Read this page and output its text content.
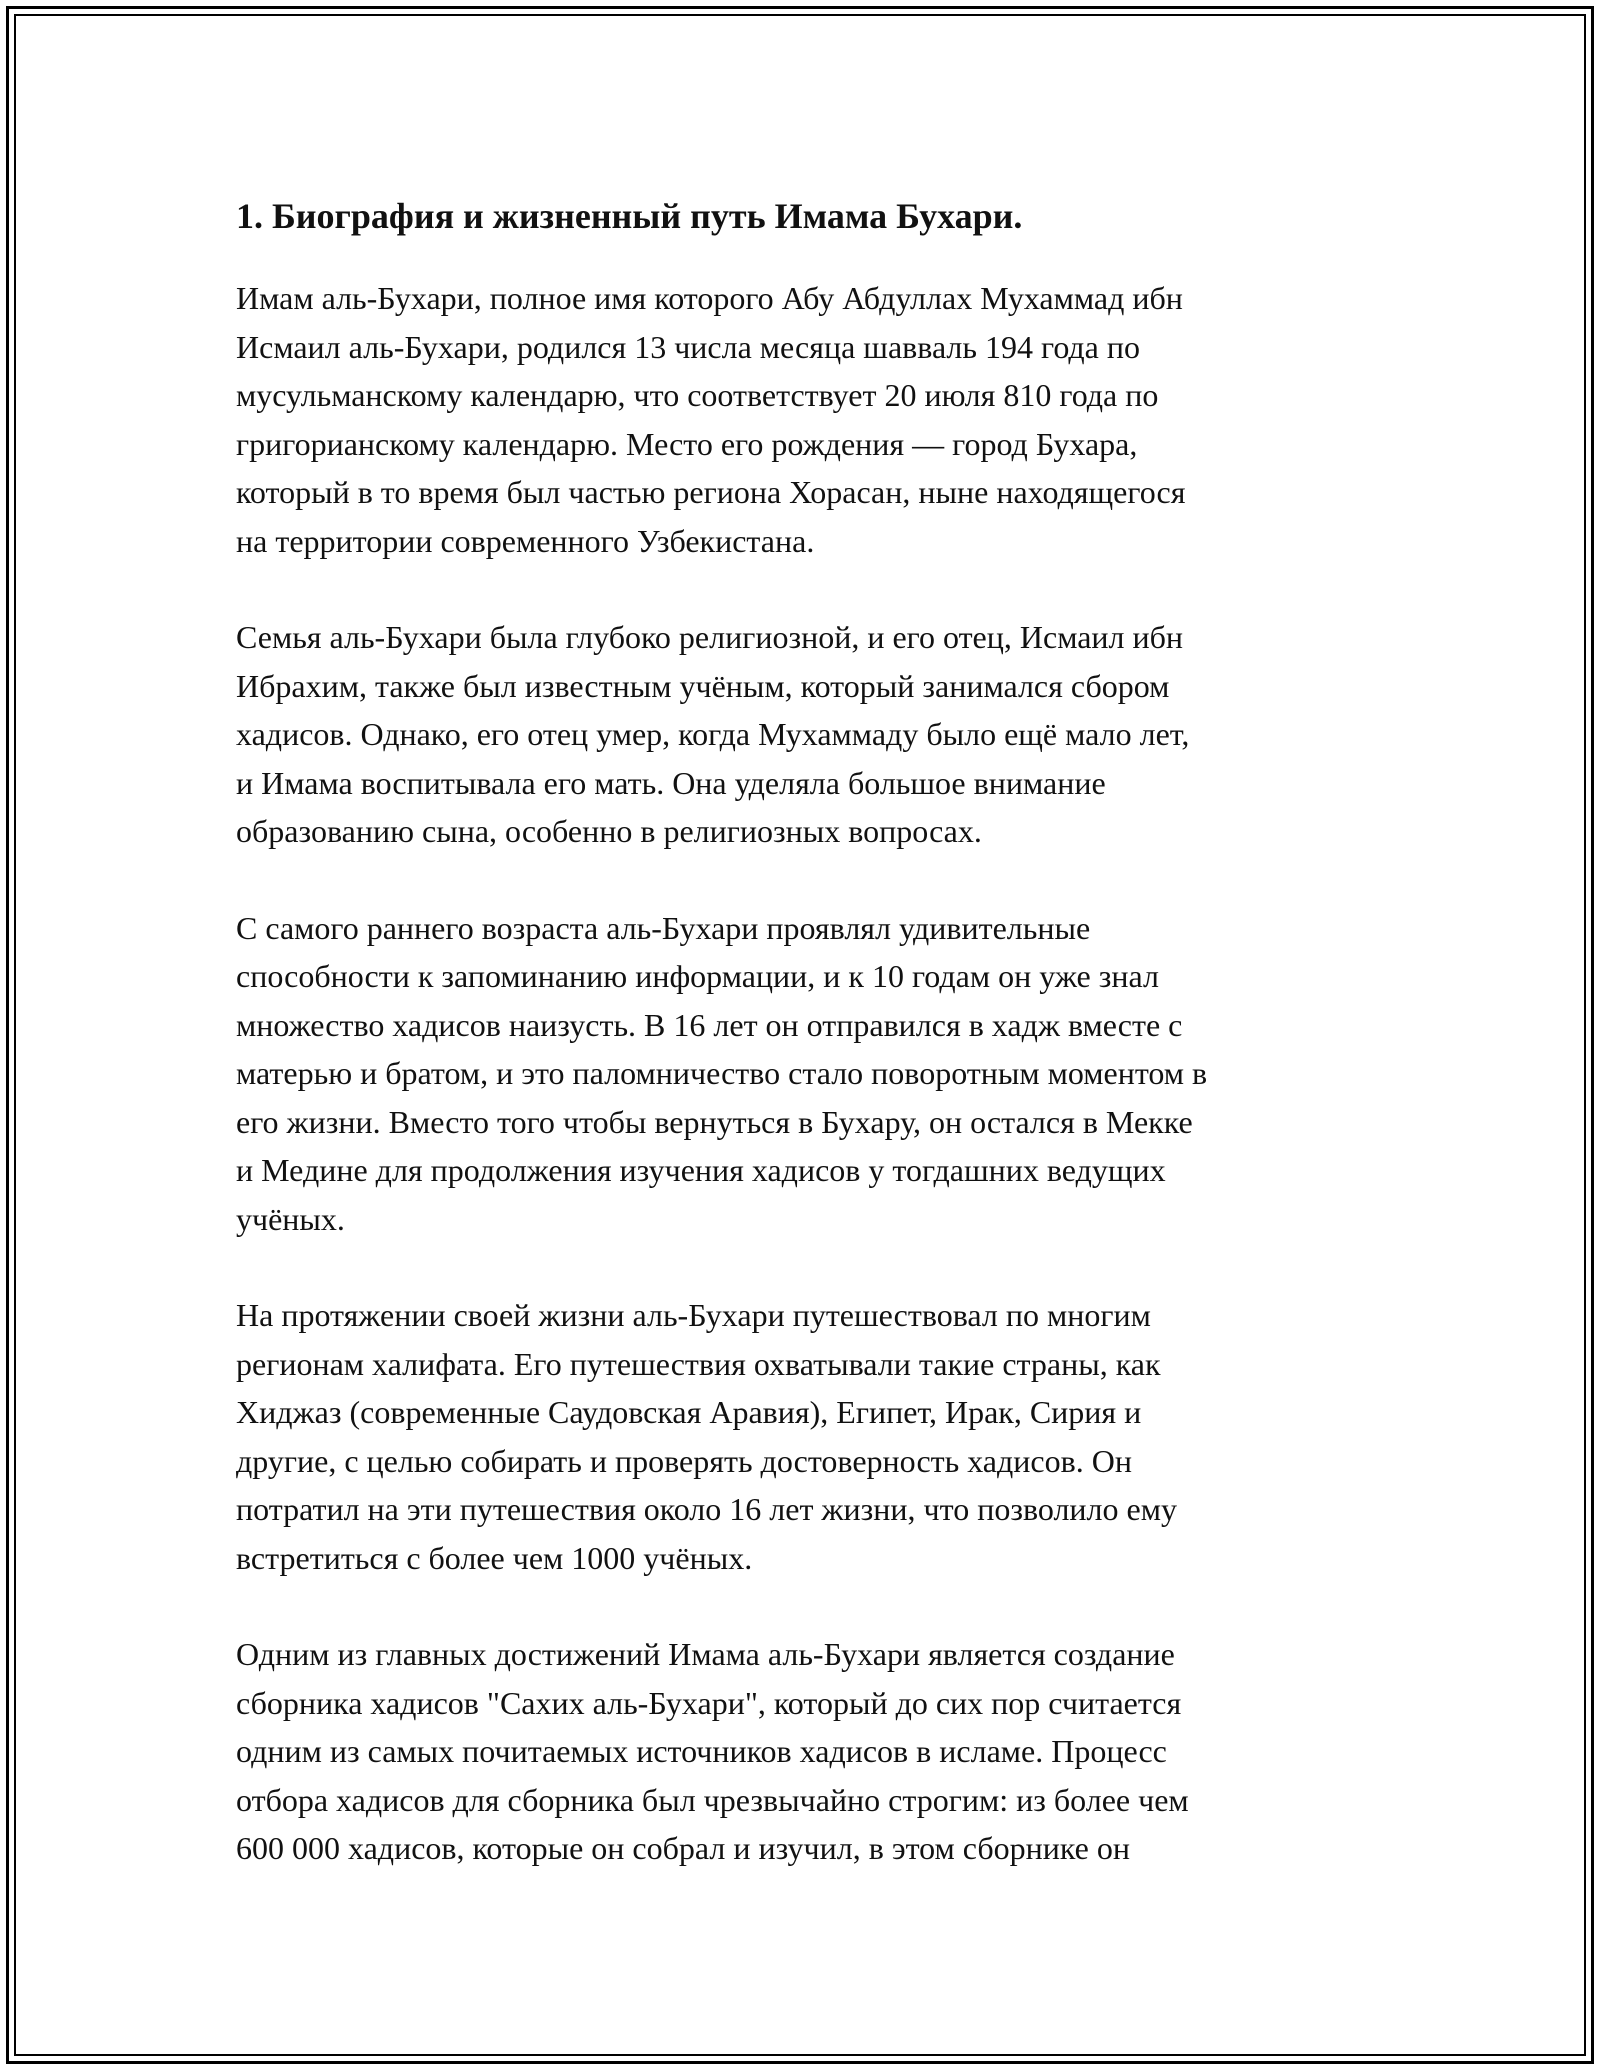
1. Биография и жизненный путь Имама Бухари.

Имам аль-Бухари, полное имя которого Абу Абдуллах Мухаммад ибн
Исмаил аль-Бухари, родился 13 числа месяца шавваль 194 года по
мусульманскому календарю, что соответствует 20 июля 810 года по
григорианскому календарю. Место его рождения — город Бухара,
который в то время был частью региона Хорасан, ныне находящегося
на территории современного Узбекистана.

Семья аль-Бухари была глубоко религиозной, и его отец, Исмаил ибн
Ибрахим, также был известным учёным, который занимался сбором
хадисов. Однако, его отец умер, когда Мухаммаду было ещё мало лет,
и Имама воспитывала его мать. Она уделяла большое внимание
образованию сына, особенно в религиозных вопросах.

С самого раннего возраста аль-Бухари проявлял удивительные
способности к запоминанию информации, и к 10 годам он уже знал
множество хадисов наизусть. В 16 лет он отправился в хадж вместе с
матерью и братом, и это паломничество стало поворотным моментом в
его жизни. Вместо того чтобы вернуться в Бухару, он остался в Мекке
и Медине для продолжения изучения хадисов у тогдашних ведущих
учёных.

На протяжении своей жизни аль-Бухари путешествовал по многим
регионам халифата. Его путешествия охватывали такие страны, как
Хиджаз (современные Саудовская Аравия), Египет, Ирак, Сирия и
другие, с целью собирать и проверять достоверность хадисов. Он
потратил на эти путешествия около 16 лет жизни, что позволило ему
встретиться с более чем 1000 учёных.

Одним из главных достижений Имама аль-Бухари является создание
сборника хадисов "Сахих аль-Бухари", который до сих пор считается
одним из самых почитаемых источников хадисов в исламе. Процесс
отбора хадисов для сборника был чрезвычайно строгим: из более чем
600 000 хадисов, которые он собрал и изучил, в этом сборнике он
